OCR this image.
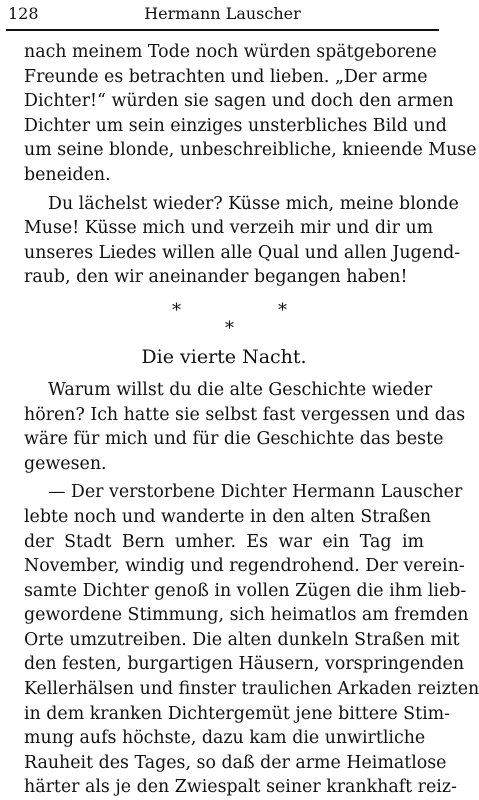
128	Hermann Lauscher
nach meinem Tode noch würden spätgeborene
Freunde es betrachten und lieben. „Der arme
Dichter!“ würden sie sagen und doch den armen
Dichter um sein einziges unsterbliches Bild und
um seine blonde, unbeschreibliche, knieende Muse
beneiden.
Du lächelst wieder? Küsse mich, meine blonde
Muse! Küsse mich und verzeih mir und dir um
unseres Liedes willen alle Qual und allen Jugend-
raub, den wir aneinander begangen haben!
*	*
*
Die vierte Nacht.
Warum willst du die alte Geschichte wieder
hören? Ich hatte sie selbst fast vergessen und das
wäre für mich und für die Geschichte das beste
gewesen.
— Der verstorbene Dichter Hermann Lauscher
lebte noch und wanderte in den alten Straßen
der Stadt Bern umher. Es war ein Tag im
November, windig und regendrohend. Der verein-
samte Dichter genoß in vollen Zügen die ihm lieb-
gewordene Stimmung, sich heimatlos am fremden
Orte umzutreiben. Die alten dunkeln Straßen mit
den festen, burgartigen Häusern, vorspringenden
Kellerhälsen und finster traulichen Arkaden reizten
in dem kranken Dichtergemüt jene bittere Stim-
mung aufs höchste, dazu kam die unwirtliche
Rauheit des Tages, so daß der arme Heimatlose
härter als je den Zwiespalt seiner krankhaft reiz-
